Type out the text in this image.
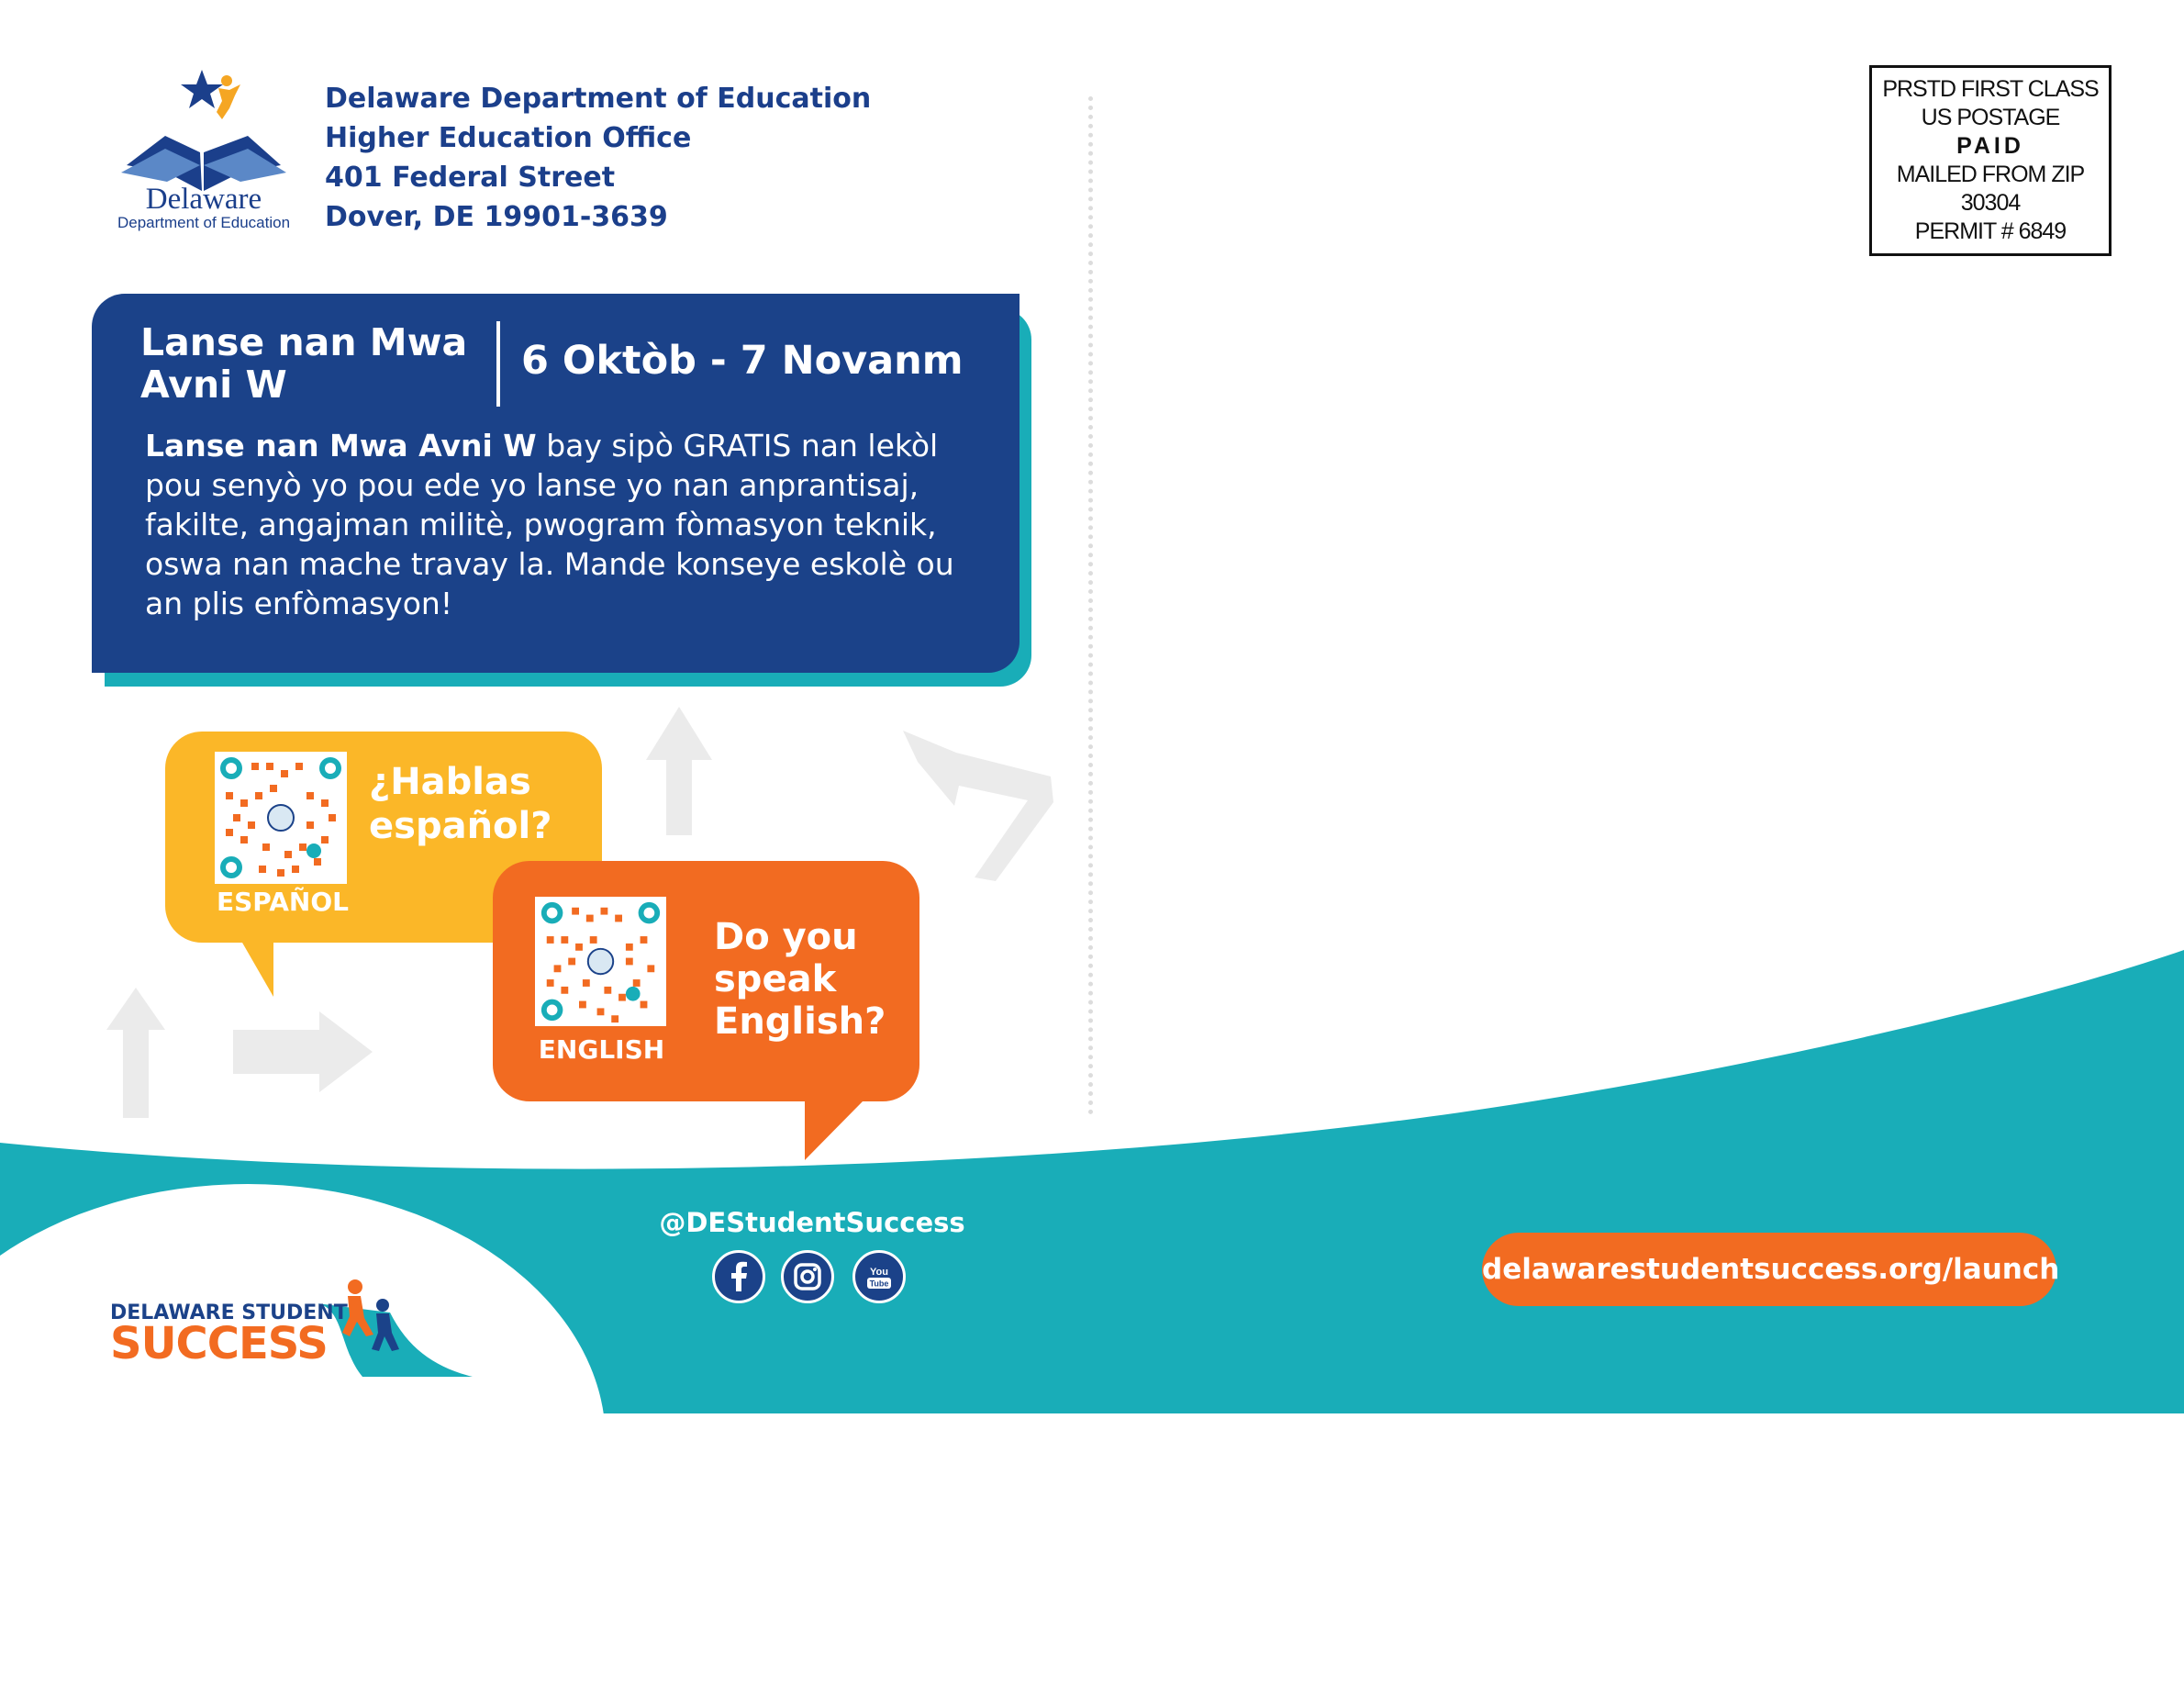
Delaware
Department of Education
Delaware Department of Education
Higher Education Office
401 Federal Street
Dover, DE 19901-3639
PRSTD FIRST CLASS
US POSTAGE
PAID
MAILED FROM ZIP
30304
PERMIT # 6849
Lanse nan Mwa Avni W
6 Oktòb - 7 Novanm
Lanse nan Mwa Avni W bay sipò GRATIS nan lekòl pou senyò yo pou ede yo lanse yo nan anprantisaj, fakilte, angajman militè, pwogram fòmasyon teknik, oswa nan mache travay la. Mande konseye eskolè ou an plis enfòmasyon!
ESPAÑOL
¿Hablas español?
ENGLISH
Do you speak English?
@DEStudentSuccess
You
Tube	delawarestudentsuccess.org/launch
DELAWARE STUDENT
SUCCESS
